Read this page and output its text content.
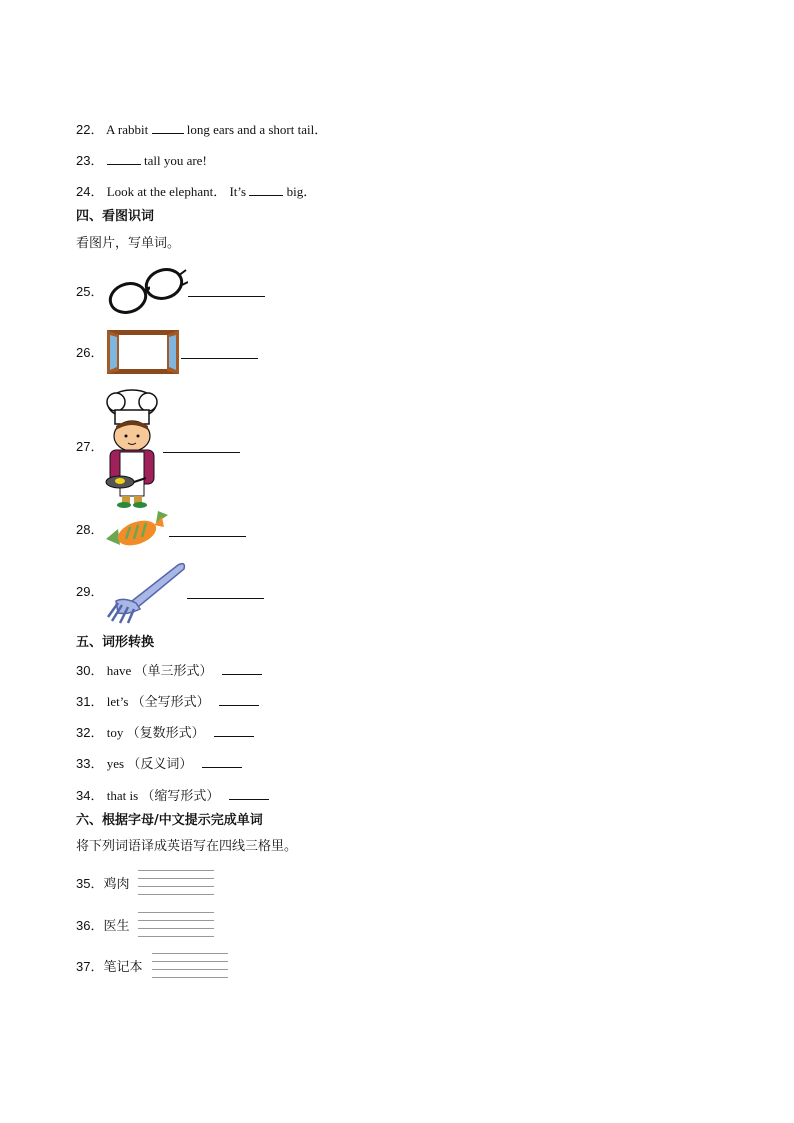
22． A rabbit	long ears and a short tail．
23．	tall you are!
24． Look at the elephant． It’s	big．
四、看图识词
看图片，写单词。
25．
26．
27．
28．
29．
五、词形转换
30． have （单三形式）
31． let’s （全写形式）
32． toy （复数形式）
33． yes （反义词）
34． that is （缩写形式）
六、根据字母/中文提示完成单词
将下列词语译成英语写在四线三格里。
35．鸡肉
36．医生
37．笔记本
